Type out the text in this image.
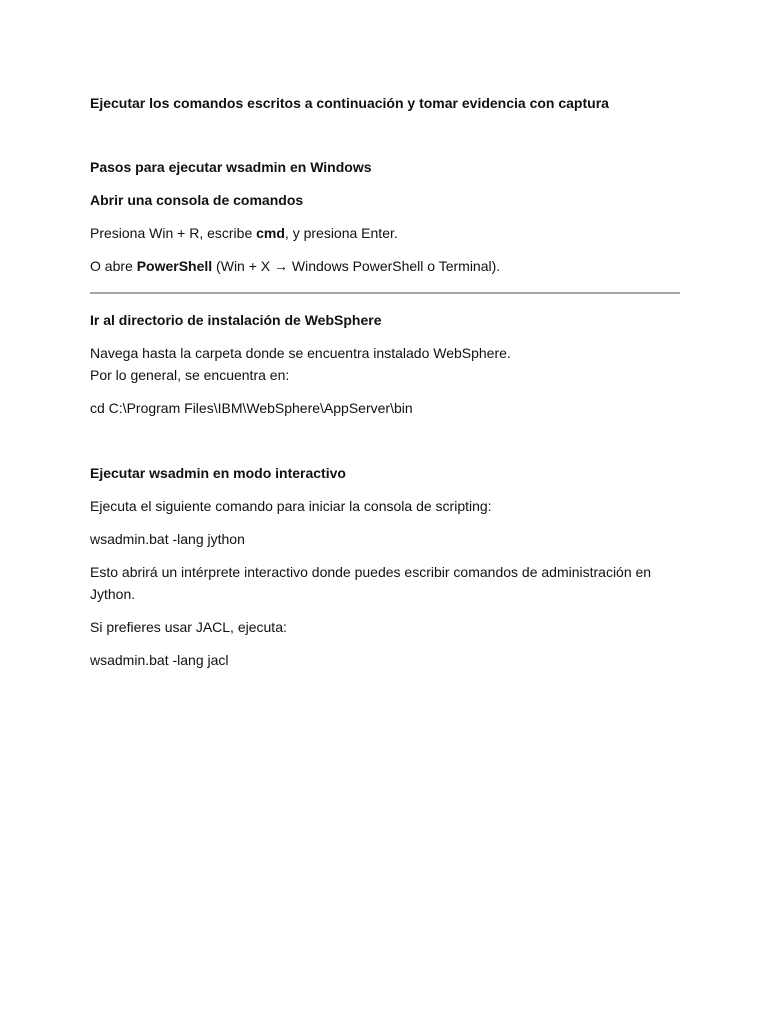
Ejecutar los comandos escritos a continuación y tomar evidencia con captura

Pasos para ejecutar wsadmin en Windows

Abrir una consola de comandos

Presiona Win + R, escribe cmd, y presiona Enter.

O abre PowerShell (Win + X → Windows PowerShell o Terminal).

Ir al directorio de instalación de WebSphere

Navega hasta la carpeta donde se encuentra instalado WebSphere.

Por lo general, se encuentra en:

cd C:\Program Files\IBM\WebSphere\AppServer\bin

Ejecutar wsadmin en modo interactivo

Ejecuta el siguiente comando para iniciar la consola de scripting:

wsadmin.bat -lang jython

Esto abrirá un intérprete interactivo donde puedes escribir comandos de administración en Jython.

Si prefieres usar JACL, ejecuta:

wsadmin.bat -lang jacl
